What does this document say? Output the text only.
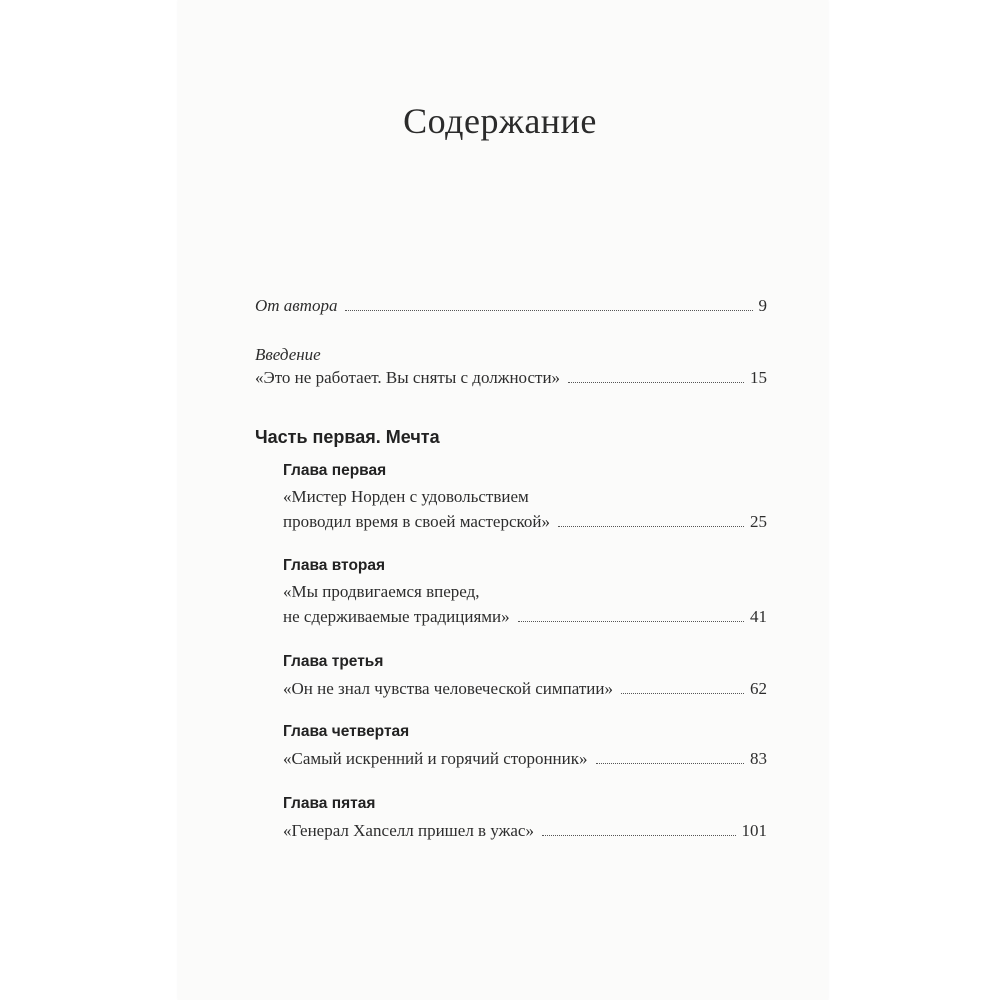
Содержание
От автора	9
Введение
«Это не работает. Вы сняты с должности»	15
Часть первая. Мечта
Глава первая
«Мистер Норден с удовольствием
проводил время в своей мастерской»	25
Глава вторая
«Мы продвигаемся вперед,
не сдерживаемые традициями»	41
Глава третья
«Он не знал чувства человеческой симпатии»	62
Глава четвертая
«Самый искренний и горячий сторонник»	83
Глава пятая
«Генерал Хanселл пришел в ужас»	101
